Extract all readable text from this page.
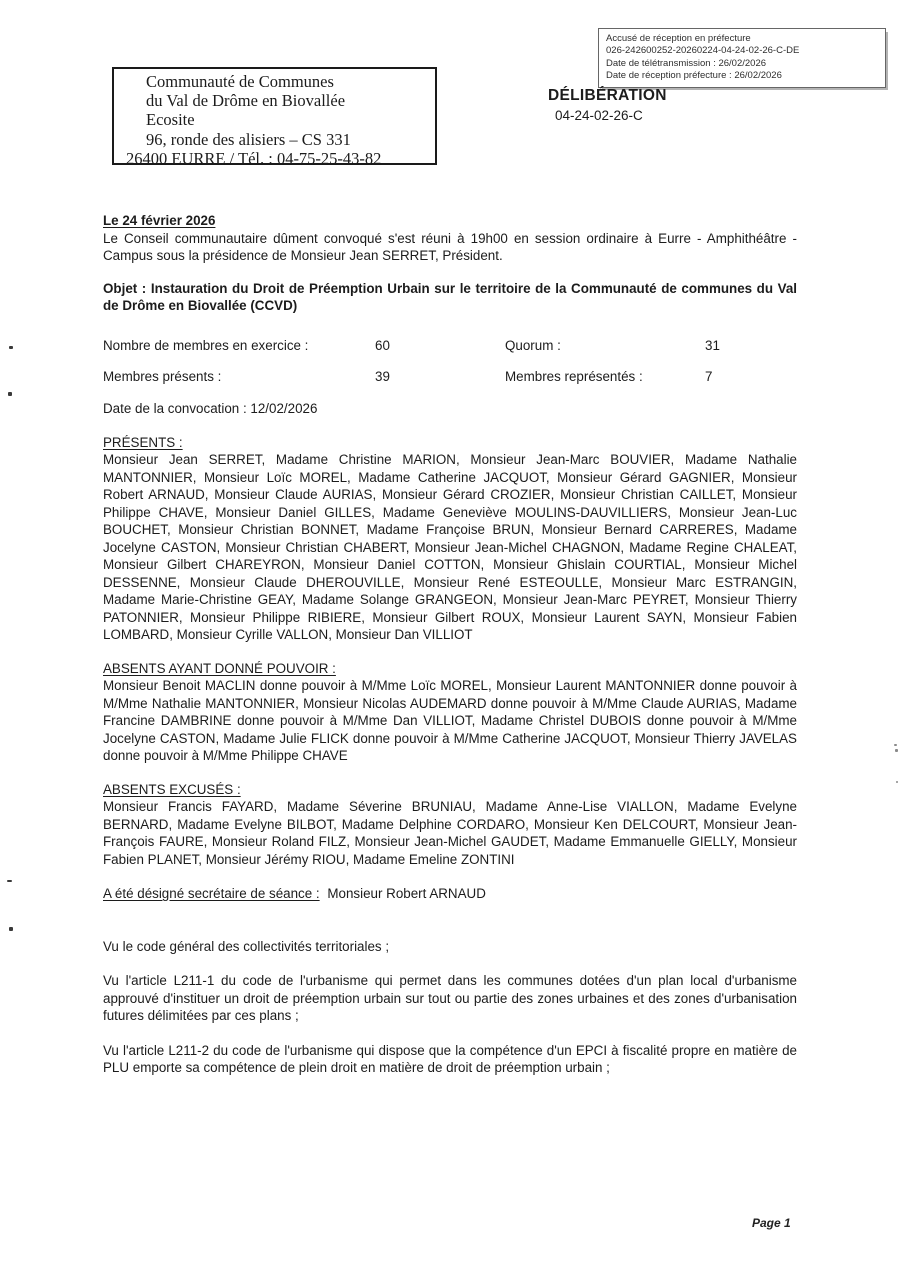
Accusé de réception en préfecture
026-242600252-20260224-04-24-02-26-C-DE
Date de télétransmission : 26/02/2026
Date de réception préfecture : 26/02/2026
Communauté de Communes
du Val de Drôme en Biovallée
Ecosite
96, ronde des alisiers – CS 331
26400 EURRE / Tél. : 04-75-25-43-82
DÉLIBÉRATION
04-24-02-26-C

Le 24 février 2026

Le Conseil communautaire dûment convoqué s'est réuni à 19h00 en session ordinaire à Eurre - Amphithéâtre - Campus sous la présidence de Monsieur Jean SERRET, Président.

Objet : Instauration du Droit de Préemption Urbain sur le territoire de la Communauté de communes du Val de Drôme en Biovallée (CCVD)

Nombre de membres en exercice :	60	Quorum :	31
Membres présents :	39	Membres représentés :	7

Date de la convocation : 12/02/2026

PRÉSENTS :

Monsieur Jean SERRET, Madame Christine MARION, Monsieur Jean-Marc BOUVIER, Madame Nathalie MANTONNIER, Monsieur Loïc MOREL, Madame Catherine JACQUOT, Monsieur Gérard GAGNIER, Monsieur Robert ARNAUD, Monsieur Claude AURIAS, Monsieur Gérard CROZIER, Monsieur Christian CAILLET, Monsieur Philippe CHAVE, Monsieur Daniel GILLES, Madame Geneviève MOULINS-DAUVILLIERS, Monsieur Jean-Luc BOUCHET, Monsieur Christian BONNET, Madame Françoise BRUN, Monsieur Bernard CARRERES, Madame Jocelyne CASTON, Monsieur Christian CHABERT, Monsieur Jean-Michel CHAGNON, Madame Regine CHALEAT, Monsieur Gilbert CHAREYRON, Monsieur Daniel COTTON, Monsieur Ghislain COURTIAL, Monsieur Michel DESSENNE, Monsieur Claude DHEROUVILLE, Monsieur René ESTEOULLE, Monsieur Marc ESTRANGIN, Madame Marie-Christine GEAY, Madame Solange GRANGEON, Monsieur Jean-Marc PEYRET, Monsieur Thierry PATONNIER, Monsieur Philippe RIBIERE, Monsieur Gilbert ROUX, Monsieur Laurent SAYN, Monsieur Fabien LOMBARD, Monsieur Cyrille VALLON, Monsieur Dan VILLIOT

ABSENTS AYANT DONNÉ POUVOIR :

Monsieur Benoit MACLIN donne pouvoir à M/Mme Loïc MOREL, Monsieur Laurent MANTONNIER donne pouvoir à M/Mme Nathalie MANTONNIER, Monsieur Nicolas AUDEMARD donne pouvoir à M/Mme Claude AURIAS, Madame Francine DAMBRINE donne pouvoir à M/Mme Dan VILLIOT, Madame Christel DUBOIS donne pouvoir à M/Mme Jocelyne CASTON, Madame Julie FLICK donne pouvoir à M/Mme Catherine JACQUOT, Monsieur Thierry JAVELAS donne pouvoir à M/Mme Philippe CHAVE

ABSENTS EXCUSÉS :

Monsieur Francis FAYARD, Madame Séverine BRUNIAU, Madame Anne-Lise VIALLON, Madame Evelyne BERNARD, Madame Evelyne BILBOT, Madame Delphine CORDARO, Monsieur Ken DELCOURT, Monsieur Jean-François FAURE, Monsieur Roland FILZ, Monsieur Jean-Michel GAUDET, Madame Emmanuelle GIELLY, Monsieur Fabien PLANET, Monsieur Jérémy RIOU, Madame Emeline ZONTINI

A été désigné secrétaire de séance : Monsieur Robert ARNAUD

Vu le code général des collectivités territoriales ;

Vu l'article L211-1 du code de l'urbanisme qui permet dans les communes dotées d'un plan local d'urbanisme approuvé d'instituer un droit de préemption urbain sur tout ou partie des zones urbaines et des zones d'urbanisation futures délimitées par ces plans ;

Vu l'article L211-2 du code de l'urbanisme qui dispose que la compétence d'un EPCI à fiscalité propre en matière de PLU emporte sa compétence de plein droit en matière de droit de préemption urbain ;

Page 1
